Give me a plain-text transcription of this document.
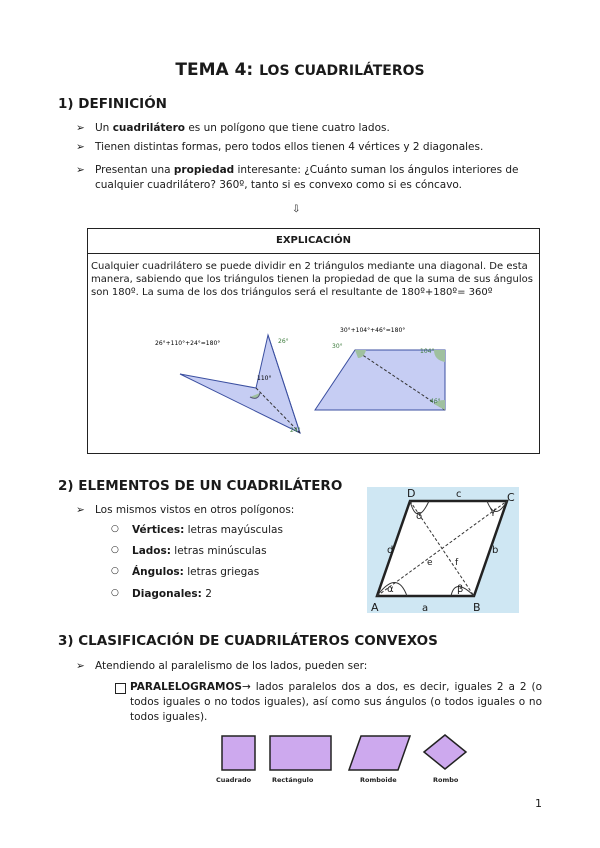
TEMA 4: LOS CUADRILÁTEROS
1) DEFINICIÓN
➢ Un cuadrilátero es un polígono que tiene cuatro lados.
➢ Tienen distintas formas, pero todos ellos tienen 4 vértices y 2 diagonales.
➢ Presentan una propiedad interesante: ¿Cuánto suman los ángulos interiores de cualquier cuadrilátero? 360º, tanto si es convexo como si es cóncavo.
⇩
EXPLICACIÓN
Cualquier cuadrilátero se puede dividir en 2 triángulos mediante una diagonal. De esta manera, sabiendo que los triángulos tienen la propiedad de que la suma de sus ángulos son 180º. La suma de los dos triángulos será el resultante de 180º+180º= 360º
26°+110°+24°=180°	26°
110°
24°
30°+104°+46°=180°
30°
104°
46°
2) ELEMENTOS DE UN CUADRILÁTERO
➢ Los mismos vistos en otros polígonos:
○ Vértices: letras mayúsculas
○ Lados: letras minúsculas
○ Ángulos: letras griegas
○ Diagonales: 2
D	C
A	B
c
a
d	b
e f
δ	γ
α	β
3) CLASIFICACIÓN DE CUADRILÁTEROS CONVEXOS
➢ Atendiendo al paralelismo de los lados, pueden ser:
PARALELOGRAMOS→ lados paralelos dos a dos, es decir, iguales 2 a 2 (o todos iguales o no todos iguales), así como sus ángulos (o todos iguales o no todos iguales).
Cuadrado	Rectángulo	Romboide	Rombo
1
